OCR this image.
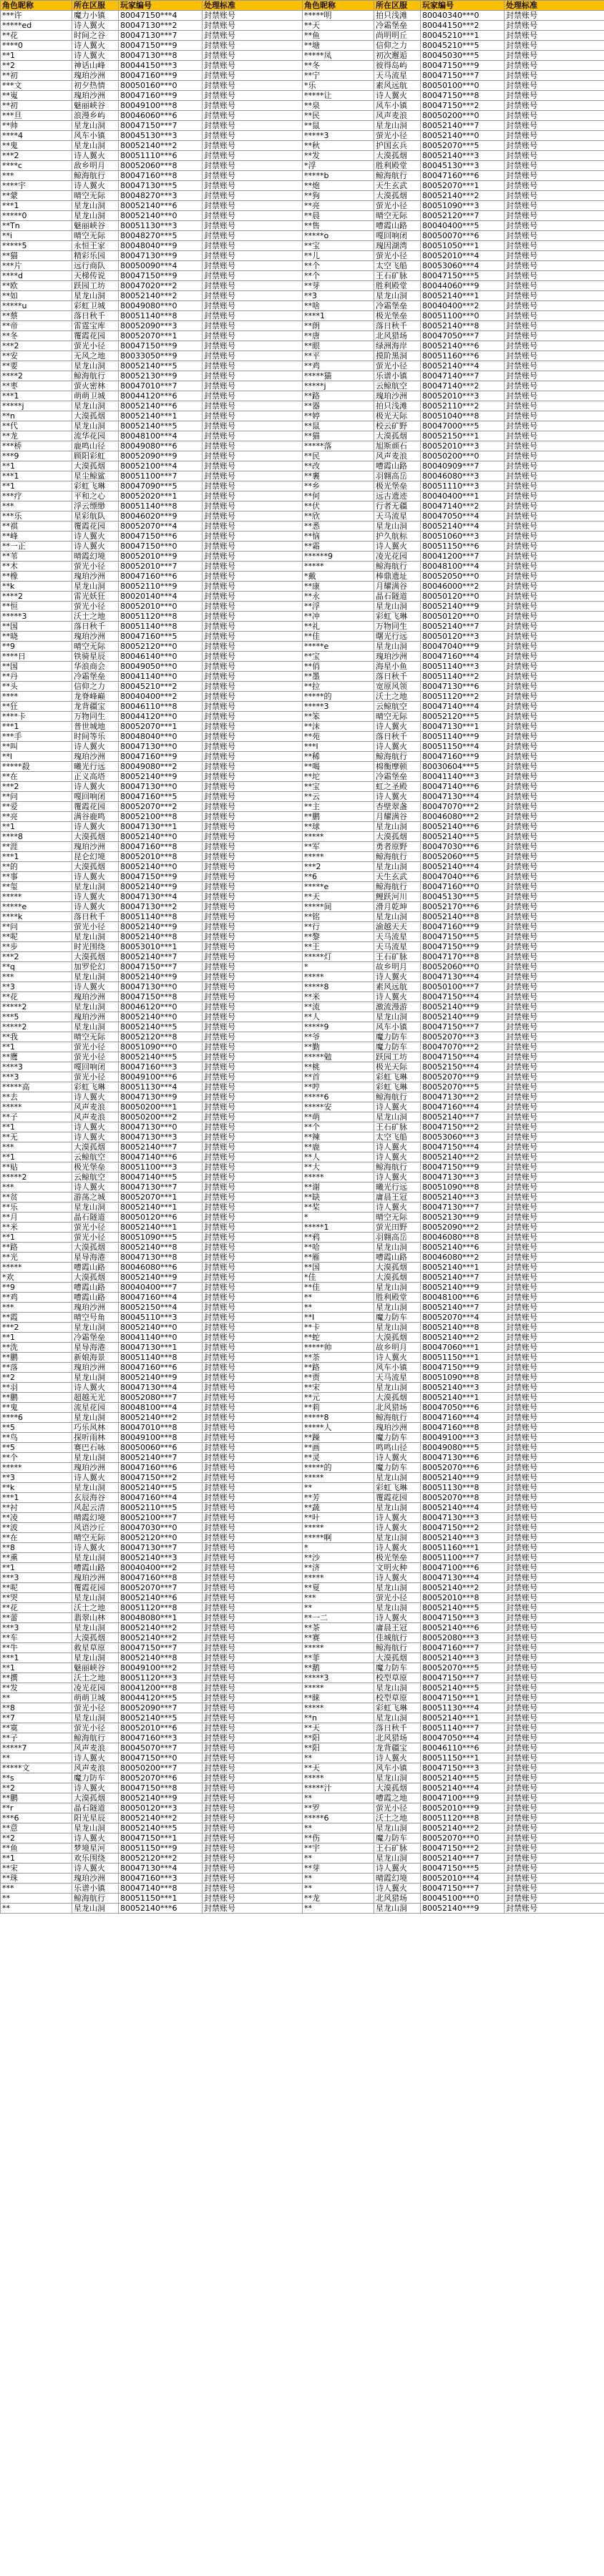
角色昵称	所在区服	玩家编号	处理标准	角色昵称	所在区服	玩家编号	处理标准
***许	魔力小镇	80047150***4	封禁账号	*****明	拍只浅滩	80040340***0	封禁账号
*****ed	诗人翼火	80047130***2	封禁账号	**天	冷霜堡垒	80044150***2	封禁账号
**花	时间之谷	80047130***7	封禁账号	**鱼	尚明明丘	80045210***1	封禁账号
****0	诗人翼火	80047150***9	封禁账号	**塘	信仰之力	80045210***5	封禁账号
**1	诗人翼火	80047130***8	封禁账号	*****凤	初次邂逅	80045030***5	封禁账号
**2	神话山峰	80044150***3	封禁账号	**冬	彼得岛屿	80047150***9	封禁账号
**初	瑰珀沙洲	80047160***9	封禁账号	**宁	天马流星	80047150***7	封禁账号
***文	初夕热情	80050160***0	封禁账号	*乐	素风远航	80050100***0	封禁账号
**嵬	瑰珀沙洲	80047160***9	封禁账号	*****让	诗人翼火	80047150***8	封禁账号
**初	魅丽峡谷	80049100***8	封禁账号	**泉	风车小镇	80047150***2	封禁账号
***旦	浪漫乡屿	80046060***6	封禁账号	**民	风声麦浪	80050200***0	封禁账号
**帅	星龙山洞	80047150***7	封禁账号	**鼠	星龙山洞	80052140***7	封禁账号
****4	风车小镇	80045130***3	封禁账号	*****3	萤光小径	80052140***0	封禁账号
**鬼	星龙山洞	80052140***2	封禁账号	**秋	护国玄兵	80052070***5	封禁账号
***2	诗人翼火	80051110***6	封禁账号	**发	大漠孤烟	80052140***3	封禁账号
****c	敌乡明月	80052060***8	封禁账号	*浮	胜利殿堂	80045130***3	封禁账号
***	鲸海航行	80047160***8	封禁账号	*****b	鲸海航行	80047160***6	封禁账号
****宇	诗人翼火	80047130***5	封禁账号	**炮	天生玄武	80052070***1	封禁账号
**蒙	晴空无际	80048270***3	封禁账号	**狗	大漠孤烟	80052140***2	封禁账号
***1	星龙山洞	80052140***6	封禁账号	**亮	萤光小径	80051090***3	封禁账号
*****0	星龙山洞	80052140***0	封禁账号	**晨	晴空无际	80052120***7	封禁账号
**Tn	魅丽峡谷	80051130***3	封禁账号	**售	嘈霞山路	80040400***5	封禁账号
**i	晴空无际	80048270***5	封禁账号	*****o	嘎回响闭	80050070***6	封禁账号
*****5	永恒王家	80048040***9	封禁账号	**宝	瑰因湖湾	80051050***1	封禁账号
**猫	精彩乐园	80047130***9	封禁账号	**儿	萤光小径	80052010***4	封禁账号
***片	远行商队	80050090***4	封禁账号	**个	太空飞船	80053060***4	封禁账号
****d	天梯传说	80047150***9	封禁账号	**个	王石矿脉	80047150***5	封禁账号
**欧	跃园工坊	80047020***2	封禁账号	**芽	胜利殿堂	80044060***9	封禁账号
**如	星龙山洞	80052140***2	封禁账号	**3	星龙山洞	80052140***1	封禁账号
*****u	彩虹卫城	80049080***0	封禁账号	**啥	冷霜堡垒	80040400***2	封禁账号
**蔡	落日秋千	80051140***8	封禁账号	****1	极光堡垒	80051100***0	封禁账号
**帝	雷霆宝库	80052090***3	封禁账号	**朗	落日秋千	80052140***8	封禁账号
**冬	覆霞花园	80052070***1	封禁账号	**唐	北风猎场	80047050***7	封禁账号
***2	萤光小径	80047150***9	封禁账号	**眼	绿洲海岸	80052140***6	封禁账号
**安	无风之地	80033050***9	封禁账号	**平	摸阶黑洞	80051160***6	封禁账号
**要	星龙山洞	80052140***5	封禁账号	**鸡	萤光小径	80052140***4	封禁账号
****2	鲸海航行	80052130***9	封禁账号	*****猫	乐谱小镇	80047140***7	封禁账号
**枣	萤火密林	80047010***7	封禁账号	*****j	云鲸航空	80047140***2	封禁账号
***1	萌萌卫城	80044120***6	封禁账号	**路	瑰珀沙洲	80052010***3	封禁账号
*****j	星龙山洞	80052140***6	封禁账号	**器	拍只浅滩	80052110***2	封禁账号
**n	大漠孤烟	80052140***1	封禁账号	**婷	极光天际	80051040***8	封禁账号
**代	星龙山洞	80052140***5	封禁账号	**鼠	校云矿野	80047000***5	封禁账号
**龙	流华花园	80048100***4	封禁账号	**猫	大漠孤烟	80052150***1	封禁账号
***桥	鹿鸣山径	80049080***6	封禁账号	*****落	旭斯颜石	80052010***3	封禁账号
***9	顾阳彩虹	80052090***9	封禁账号	**民	风声麦浪	80050200***0	封禁账号
**1	大漠孤烟	80052100***4	封禁账号	**改	嘈霞山路	80040909***7	封禁账号
***1	星尘鲸鲨	80051100***7	封禁账号	**裹	羽翱高岳	80046080***3	封禁账号
**1	彩虹飞琳	80047090***5	封禁账号	**乡	极光堡垒	80051110***3	封禁账号
***疗	平和之心	80052020***1	封禁账号	**何	远古遗迹	80040400***1	封禁账号
***	浮云缥缈	80051140***8	封禁账号	**伏	行者无疆	80047140***2	封禁账号
***乐	星彩航队	80046020***9	封禁账号	**欣	天马流星	80047050***4	封禁账号
**祺	覆霞花园	80052070***4	封禁账号	**悉	星龙山洞	80052140***4	封禁账号
**峰	诗人翼火	80047150***6	封禁账号	**恼	护久航标	80051060***3	封禁账号
**一正	诗人翼火	80047150***0	封禁账号	**霜	诗人翼火	80051150***6	封禁账号
**苇	晴霞幻境	80052010***9	封禁账号	******9	凌光花园	80041200***7	封禁账号
**木	萤光小径	80052010***7	封禁账号	*****	鲸海航行	80048100***4	封禁账号
**橡	瑰珀沙洲	80047160***6	封禁账号	*戴	棒鼎遗址	80052050***0	封禁账号
**k	星龙山洞	80052110***9	封禁账号	**康	月耀满谷	80046000***2	封禁账号
****2	雷光妖狂	80020140***4	封禁账号	**永	晶石隧道	80050120***0	封禁账号
**恒	萤光小径	80052010***0	封禁账号	**浮	星龙山洞	80052140***9	封禁账号
*****3	沃土之地	80051120***8	封禁账号	**冲	彩虹飞琳	80050120***0	封禁账号
**国	落日秋千	80051140***8	封禁账号	**礼	万物同生	80052140***7	封禁账号
**晓	瑰珀沙洲	80047160***5	封禁账号	**佳	曙光行远	80050120***3	封禁账号
**9	晴空无际	80052120***0	封禁账号	*****e	星龙山洞	80047040***9	封禁账号
****日	铁骑星辰	80046140***0	封禁账号	**宝	瑰珀沙洲	80047160***4	封禁账号
**国	华浪商会	80049050***0	封禁账号	**俏	海星小鱼	80051140***3	封禁账号
**丹	冷霜堡垒	80041140***0	封禁账号	**墨	落日秋千	80051140***2	封禁账号
**头	信仰之力	80045210***2	封禁账号	**拉	宽原风领	80047130***6	封禁账号
****	龙脊峰巅	80040400***2	封禁账号	*****的	沃土之地	80051120***2	封禁账号
**狂	龙背疆宝	80046110***8	封禁账号	*****3	云鲸航空	80047140***4	封禁账号
****卡	万物同生	80044120***0	封禁账号	**笨	晴空无际	80052120***5	封禁账号
***1	普世城地	80052070***1	封禁账号	**沫	诗人翼火	80047130***1	封禁账号
***手	时间等乐	80048040***0	封禁账号	**苑	落日秋千	80051140***9	封禁账号
**叫	诗人翼火	80047130***0	封禁账号	***l	诗人翼火	80051150***4	封禁账号
**l	瑰珀沙洲	80047160***9	封禁账号	**稀	鲸海航行	80047160***9	封禁账号
*****殺	曦光行远	80049080***2	封禁账号	**喝	棉衡摩顿	80030604***5	封禁账号
**在	正义高塔	80052140***9	封禁账号	**坨	冷霜堡垒	80041140***3	封禁账号
***2	诗人翼火	80047130***0	封禁账号	**宝	虹之圣殿	80047140***6	封禁账号
**问	嘎回响闭	80047160***5	封禁账号	**云	诗人翼火	80047130***4	封禁账号
**爱	覆霞花园	80052070***2	封禁账号	**主	杏壁翠盏	80047070***2	封禁账号
**亮	满谷鹿鸣	80052100***8	封禁账号	**鹏	月耀满谷	80046080***2	封禁账号
**1	诗人翼火	80047130***1	封禁账号	**球	星龙山洞	80052140***6	封禁账号
****8	大漠孤烟	80052140***0	封禁账号	*****	大漠孤烟	80052140***5	封禁账号
**涯	瑰珀沙洲	80047160***8	封禁账号	**军	勇者原野	80047030***6	封禁账号
***1	昆仑幻境	80052010***8	封禁账号	*****	鲸海航行	80052060***5	封禁账号
**的	大漠孤烟	80052140***0	封禁账号	***2	星龙山洞	80052140***4	封禁账号
**事	诗人翼火	80047150***9	封禁账号	**6	天生玄武	80047040***6	封禁账号
**玺	星龙山洞	80052140***9	封禁账号	*****e	鲸海航行	80047160***0	封禁账号
*****	诗人翼火	80047130***4	封禁账号	**天	鲤跃河川	80045130***5	封禁账号
*****e	诗人翼火	80047130***2	封禁账号	*****间	滑月乾坤	80052170***6	封禁账号
****k	落日秋千	80051140***8	封禁账号	**铭	星龙山洞	80052140***8	封禁账号
**问	萤光小径	80052140***9	封禁账号	**行	渝越天天	80047160***9	封禁账号
**呢	星龙山洞	80052140***8	封禁账号	**黎	天马流星	80047150***5	封禁账号
**步	时光围绕	80053010***1	封禁账号	**王	天马流星	80047150***9	封禁账号
***2	大漠孤烟	80052140***7	封禁账号	*****灯	王石矿脉	80047170***8	封禁账号
**q	加罗伦幻	80047150***7	封禁账号	*	故乡明月	80052060***0	封禁账号
***	星龙山洞	80052140***9	封禁账号	*****	诗人翼火	80047130***4	封禁账号
**3	诗人翼火	80047130***0	封禁账号	*****8	素风远航	80050100***7	封禁账号
**花	瑰珀沙洲	80047150***8	封禁账号	**米	诗人翼火	80047150***4	封禁账号
*****2	星龙山洞	80046120***0	封禁账号	**流	激流漫游	80052140***9	封禁账号
***5	瑰珀沙洲	80052140***0	封禁账号	**人	星龙山洞	80052140***9	封禁账号
*****2	星龙山洞	80052140***5	封禁账号	*****9	风车小镇	80047150***7	封禁账号
**我	晴空无际	80052120***8	封禁账号	**爷	魔力防车	80052070***3	封禁账号
**1	萤光小径	80051090***0	封禁账号	**勤	魔力防车	80047070***2	封禁账号
**鹰	萤光小径	80052140***5	封禁账号	*****勉	跃园工坊	80047150***4	封禁账号
****3	嘎回响闭	80047160***3	封禁账号	**桃	极光天际	80052150***4	封禁账号
***3	萤光小径	80049100***6	封禁账号	**首	彩虹飞琳	80052070***9	封禁账号
*****高	彩虹飞琳	80051130***4	封禁账号	**哼	彩虹飞琳	80052070***5	封禁账号
**去	诗人翼火	80047130***9	封禁账号	*****6	鲸海航行	80047130***2	封禁账号
*****	风声麦浪	80050200***1	封禁账号	*****安	诗人翼火	80047160***4	封禁账号
**子	风声麦浪	80050200***2	封禁账号	**萌	星龙山洞	80052140***7	封禁账号
**1	诗人翼火	80047130***0	封禁账号	**个	王石矿脉	80047150***2	封禁账号
**无	诗人翼火	80047130***3	封禁账号	**辣	太空飞船	80053060***3	封禁账号
***	大漠孤烟	80052140***7	封禁账号	**鹿	诗人翼火	80047150***4	封禁账号
**1	云鲸航空	80047140***6	封禁账号	**人	诗人翼火	80052140***2	封禁账号
**贴	极光堡垒	80051100***3	封禁账号	**大	鲸海航行	80047150***9	封禁账号
*****2	云鲸航空	80047140***5	封禁账号	*****	诗人翼火	80047130***3	封禁账号
***	诗人翼火	80047130***7	封禁账号	**谢	曦光行远	80051090***8	封禁账号
**贫	游荡之城	80052070***1	封禁账号	**缺	庸晨王冠	80052140***3	封禁账号
**乐	星龙山洞	80052140***1	封禁账号	**桨	诗人翼火	80047130***7	封禁账号
**月	晶石隧道	80050120***6	封禁账号	*	晴空无际	80052130***9	封禁账号
**米	萤光小径	80052140***1	封禁账号	*****1	萤光田野	80052090***2	封禁账号
**1	萤光小径	80051090***5	封禁账号	**鸦	羽翱高岳	80046080***8	封禁账号
**路	大漠孤烟	80052140***8	封禁账号	**哈	星龙山洞	80052140***6	封禁账号
**光	星导海港	80047130***8	封禁账号	**雁	嘈霞山路	80046080***2	封禁账号
*****	嘈霞山路	80046080***6	封禁账号	**国	大漠孤烟	80052140***1	封禁账号
*欢	大漠孤烟	80052140***9	封禁账号	*佳	大漠孤烟	80052140***7	封禁账号
**9	嘈霞山路	80040400***7	封禁账号	**佳	星龙山洞	80052140***9	封禁账号
**鸡	嘈霞山路	80047160***4	封禁账号	**	胜利殿堂	80048100***6	封禁账号
***	瑰珀沙洲	80052150***4	封禁账号	**	星龙山洞	80052140***7	封禁账号
**霞	晴空号角	80045110***3	封禁账号	**I	魔力防车	80052070***4	封禁账号
***2	星龙山洞	80052140***0	封禁账号	**卡	星龙山洞	80052140***8	封禁账号
**1	冷霜堡垒	80041140***0	封禁账号	**蛇	大漠孤烟	80052140***2	封禁账号
**洗	星导海港	80047130***1	封禁账号	*****帅	故乡明月	80047060***1	封禁账号
**鹏	新娘海景	80051140***8	封禁账号	**荼	诗人翼火	80051150***1	封禁账号
**落	瑰珀沙洲	80047160***6	封禁账号	**路	风车小镇	80047150***9	封禁账号
**2	星龙山洞	80052140***9	封禁账号	**贾	天马流星	80051090***8	封禁账号
**羽	诗人翼火	80047130***4	封禁账号	**宋	星龙山洞	80052140***3	封禁账号
**鹏	超越无光	80052080***7	封禁账号	**元	大漠孤烟	80052140***1	封禁账号
**鬼	流星花园	80048100***4	封禁账号	**莉	北风猎场	80047050***6	封禁账号
****6	星龙山洞	80052140***2	封禁账号	*****8	鲸海航行	80047160***4	封禁账号
**5	巧乐风林	80047010***8	封禁账号	*****人	瑰珀沙洲	80047160***8	封禁账号
**鸟	探听雨林	80049100***8	封禁账号	**躁	魔力防车	80049100***3	封禁账号
**5	赛巴石咏	80050060***6	封禁账号	**画	鸣鸣山径	80049080***5	封禁账号
**个	星龙山洞	80052140***7	封禁账号	**灵	诗人翼火	80047130***6	封禁账号
*****	瑰珀沙洲	80047160***6	封禁账号	*****的	魔力防车	80052070***6	封禁账号
**3	诗人翼火	80047150***2	封禁账号	*****	星龙山洞	80052140***9	封禁账号
**k	星龙山洞	80052140***5	封禁账号	**	彩虹飞琳	80051130***8	封禁账号
***1	玄辰海谷	80047160***4	封禁账号	**芳	覆霞花园	80052070***8	封禁账号
**衬	风起云清	80052110***5	封禁账号	**蔬	星龙山洞	80052140***4	封禁账号
**凌	晴霞幻境	80052100***7	封禁账号	**叶	诗人翼火	80047130***3	封禁账号
**波	风语沙丘	80047030***0	封禁账号	*****	诗人翼火	80047150***2	封禁账号
**在	晴空无际	80052120***0	封禁账号	*****啊	星龙山洞	80052140***3	封禁账号
**8	诗人翼火	80047130***7	封禁账号	*	诗人翼火	80051160***1	封禁账号
**熏	星龙山洞	80052140***3	封禁账号	**沙	极光堡垒	80051100***7	封禁账号
**1	嘈霞山路	80040400***2	封禁账号	**济	文明火种	80047100***6	封禁账号
***3	瑰珀沙洲	80047160***8	封禁账号	*****	诗人翼火	80047130***4	封禁账号
**呢	覆霞花园	80052070***7	封禁账号	**夏	星龙山洞	80052140***2	封禁账号
**哭	星龙山洞	80052140***6	封禁账号	***	萤光小径	80052010***8	封禁账号
**花	沃土之地	80051120***8	封禁账号	**	星龙山洞	80052140***5	封禁账号
**蕾	翡翠山林	80048080***1	封禁账号	**一二	诗人翼火	80047150***3	封禁账号
***3	星龙山洞	80052140***2	封禁账号	**茶	庸晨王冠	80052140***6	封禁账号
**车	大漠孤烟	80052140***2	封禁账号	**赛	佳城航行	80052080***3	封禁账号
**牛	救星草原	80047150***7	封禁账号	*****	鲸海航行	80047160***7	封禁账号
***1	星龙山洞	80052140***8	封禁账号	**菲	大漠孤烟	80052140***3	封禁账号
**1	魅丽峡谷	80049100***2	封禁账号	**鹅	魔力防车	80052070***5	封禁账号
**撰	沃土之地	80051120***3	封禁账号	*****3	校型草原	80047150***7	封禁账号
**发	凌光花园	80041200***8	封禁账号	*****	星龙山洞	80052140***5	封禁账号
**	萌萌卫城	80044120***5	封禁账号	**睐	校型草原	80047150***1	封禁账号
**8	萤光小径	80052090***7	封禁账号	*****	彩虹飞琳	80051130***4	封禁账号
**7	星龙山洞	80052140***5	封禁账号	**n	星龙山洞	80052140***1	封禁账号
**寞	萤光小径	80052010***6	封禁账号	**天	落日秋千	80051140***7	封禁账号
**子	鲸海航行	80047160***3	封禁账号	**阳	北风猎场	80047050***4	封禁账号
*****7	风声麦浪	80045070***7	封禁账号	**阳	龙背疆宝	80046110***6	封禁账号
**	诗人翼火	80047150***0	封禁账号	**	诗人翼火	80051150***1	封禁账号
*****文	风声麦浪	80050200***7	封禁账号	**天	风车小镇	80047150***3	封禁账号
**s	魔力防车	80052070***6	封禁账号	*****	星龙山洞	80052140***5	封禁账号
**2	诗人翼火	80047150***8	封禁账号	*****汁	大漠孤烟	80052140***4	封禁账号
**鹏	大漠孤烟	80052140***9	封禁账号	**	嘈霞之地	80047100***9	封禁账号
**r	晶石隧道	80050120***3	封禁账号	**罗	萤光小径	80052010***9	封禁账号
***6	阳光星辰	80052140***2	封禁账号	*****6	沃土之地	80051120***8	封禁账号
**意	星龙山洞	80052140***5	封禁账号	**	星龙山洞	80052140***2	封禁账号
**2	诗人翼火	80047150***1	封禁账号	**伤	魔力防车	80052070***0	封禁账号
**鱼	梦境星河	80051150***9	封禁账号	**宇	王石矿脉	80047150***2	封禁账号
**1	欢乐围绕	80052120***2	封禁账号	**	星龙山洞	80052140***7	封禁账号
**宋	诗人翼火	80047130***4	封禁账号	**芽	诗人翼火	80047150***5	封禁账号
**珠	瑰珀沙洲	80047160***3	封禁账号	**	晴霞幻境	80052010***4	封禁账号
***	乐谱小镇	80047140***8	封禁账号	**	诗人翼火	80047150***7	封禁账号
**	鲸海航行	80051150***1	封禁账号	**龙	北风猎场	80045100***0	封禁账号
**	星龙山洞	80052140***6	封禁账号	**	星龙山洞	80052140***9	封禁账号
